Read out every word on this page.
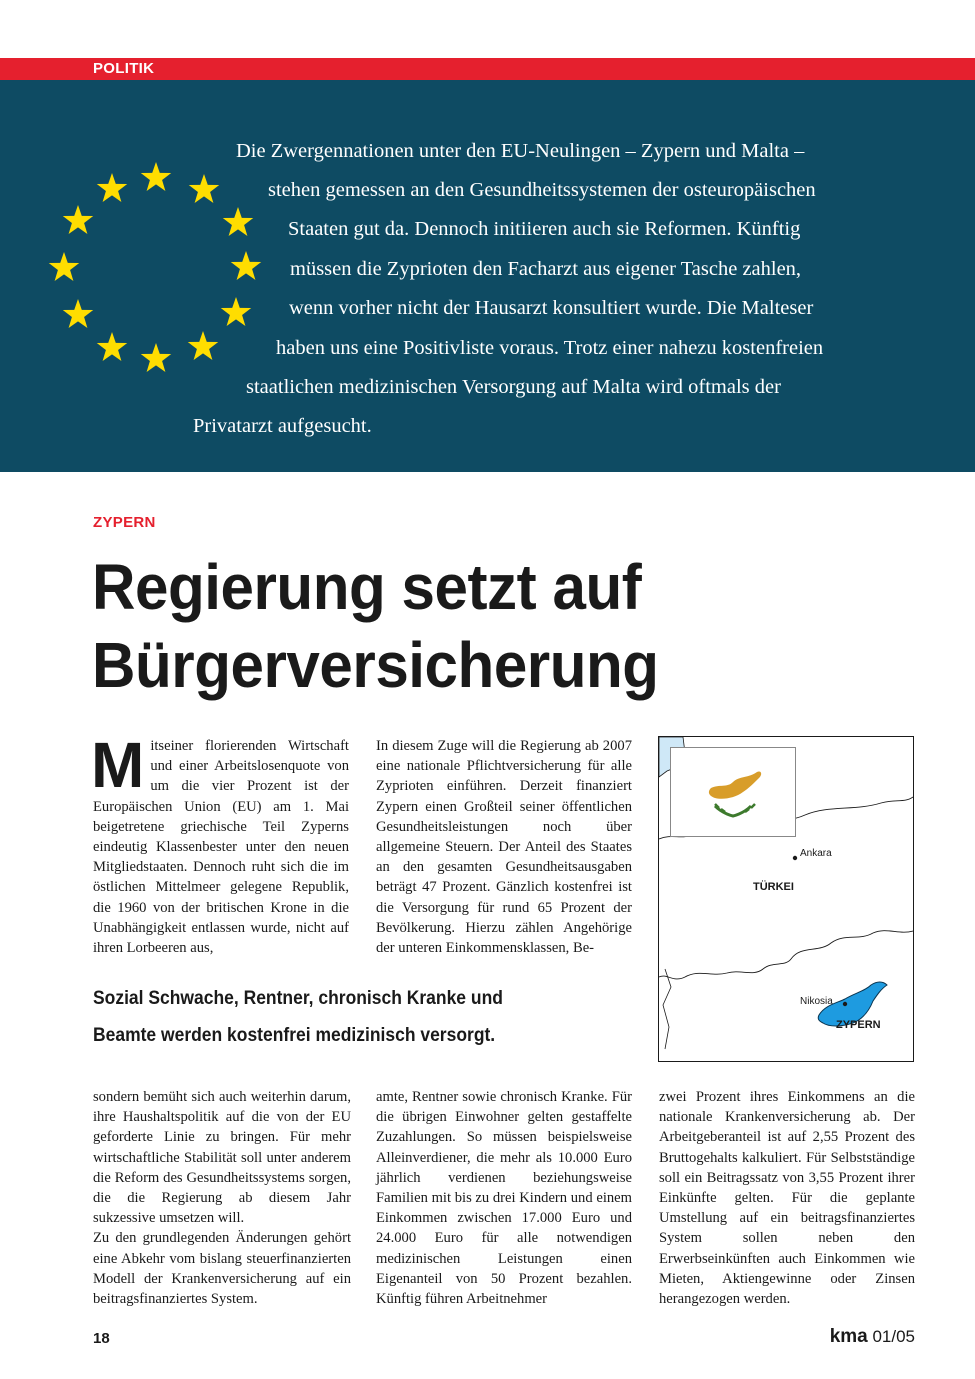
POLITIK
Die Zwergennationen unter den EU-Neulingen – Zypern und Malta –
stehen gemessen an den Gesundheitssystemen der osteuropäischen
Staaten gut da. Dennoch initiieren auch sie Reformen. Künftig
müssen die Zyprioten den Facharzt aus eigener Tasche zahlen,
wenn vorher nicht der Hausarzt konsultiert wurde. Die Malteser
haben uns eine Positivliste voraus. Trotz einer nahezu kostenfreien
staatlichen medizinischen Versorgung auf Malta wird oftmals der
Privatarzt aufgesucht.
ZYPERN
Regierung setzt auf Bürgerversicherung
Mitseiner florierenden Wirtschaft und einer Arbeitslosenquote von um die vier Prozent ist der Europäischen Union (EU) am 1. Mai beigetretene griechische Teil Zyperns eindeutig Klassenbester unter den neuen Mitgliedstaaten. Dennoch ruht sich die im östlichen Mittelmeer gelegene Republik, die 1960 von der britischen Krone in die Unabhängigkeit entlassen wurde, nicht auf ihren Lorbeeren aus,
In diesem Zuge will die Regierung ab 2007 eine nationale Pflichtversicherung für alle Zyprioten einführen. Derzeit finanziert Zypern einen Großteil seiner öffentlichen Gesundheitsleistungen noch über allgemeine Steuern. Der Anteil des Staates an den gesamten Gesundheitsausgaben beträgt 47 Prozent. Gänzlich kostenfrei ist die Versorgung für rund 65 Prozent der Bevölkerung. Hierzu zählen Angehörige der unteren Einkommensklassen, Be-
Sozial Schwache, Rentner, chronisch Kranke und
Beamte werden kostenfrei medizinisch versorgt.
Ankara
TÜRKEI
Nikosia
ZYPERN
sondern bemüht sich auch weiterhin darum, ihre Haushaltspolitik auf die von der EU geforderte Linie zu bringen. Für mehr wirtschaftliche Stabilität soll unter anderem die Reform des Gesundheitssystems sorgen, die die Regierung ab diesem Jahr sukzessive umsetzen will.
Zu den grundlegenden Änderungen gehört eine Abkehr vom bislang steuerfinanzierten Modell der Krankenversicherung auf ein beitragsfinanziertes System.
amte, Rentner sowie chronisch Kranke. Für die übrigen Einwohner gelten gestaffelte Zuzahlungen. So müssen beispielsweise Alleinverdiener, die mehr als 10.000 Euro jährlich verdienen beziehungsweise Familien mit bis zu drei Kindern und einem Einkommen zwischen 17.000 Euro und 24.000 Euro für alle notwendigen medizinischen Leistungen einen Eigenanteil von 50 Prozent bezahlen. Künftig führen Arbeitnehmer
zwei Prozent ihres Einkommens an die nationale Krankenversicherung ab. Der Arbeitgeberanteil ist auf 2,55 Prozent des Bruttogehalts kalkuliert. Für Selbstständige soll ein Beitragssatz von 3,55 Prozent ihrer Einkünfte gelten. Für die geplante Umstellung auf ein beitragsfinanziertes System sollen neben den Erwerbseinkünften auch Einkommen wie Mieten, Aktiengewinne oder Zinsen herangezogen werden.
18	kma 01/05
